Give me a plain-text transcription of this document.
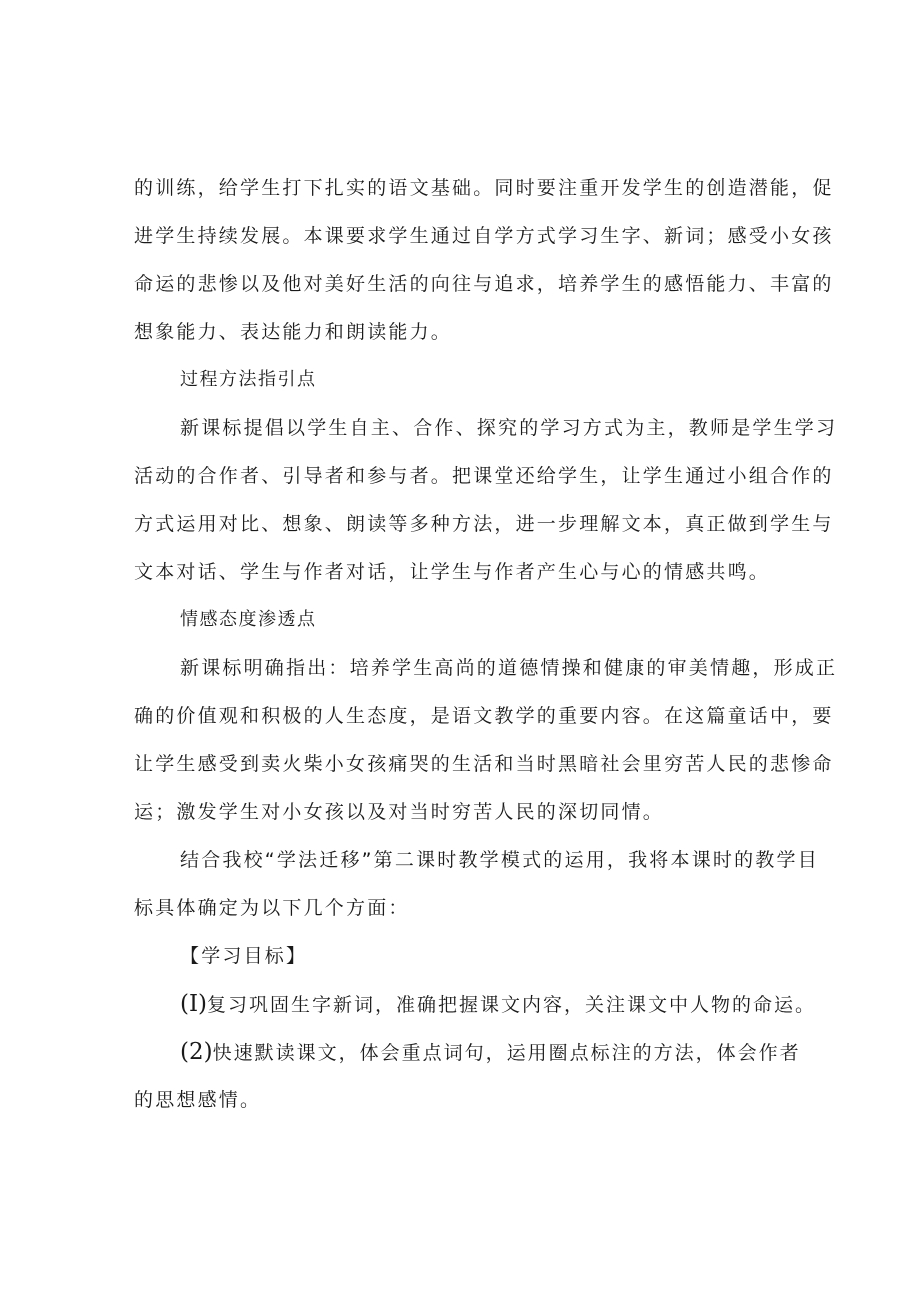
的训练，给学生打下扎实的语文基础。同时要注重开发学生的创造潜能，促
进学生持续发展。本课要求学生通过自学方式学习生字、新词；感受小女孩
命运的悲惨以及他对美好生活的向往与追求，培养学生的感悟能力、丰富的
想象能力、表达能力和朗读能力。
过程方法指引点
新课标提倡以学生自主、合作、探究的学习方式为主，教师是学生学习
活动的合作者、引导者和参与者。把课堂还给学生，让学生通过小组合作的
方式运用对比、想象、朗读等多种方法，进一步理解文本，真正做到学生与
文本对话、学生与作者对话，让学生与作者产生心与心的情感共鸣。
情感态度渗透点
新课标明确指出：培养学生高尚的道德情操和健康的审美情趣，形成正
确的价值观和积极的人生态度，是语文教学的重要内容。在这篇童话中，要
让学生感受到卖火柴小女孩痛哭的生活和当时黑暗社会里穷苦人民的悲惨命
运；激发学生对小女孩以及对当时穷苦人民的深切同情。
结合我校“学法迁移”第二课时教学模式的运用，我将本课时的教学目
标具体确定为以下几个方面：
【学习目标】
(I)复习巩固生字新词，准确把握课文内容，关注课文中人物的命运。
(2)快速默读课文，体会重点词句，运用圈点标注的方法，体会作者
的思想感情。
